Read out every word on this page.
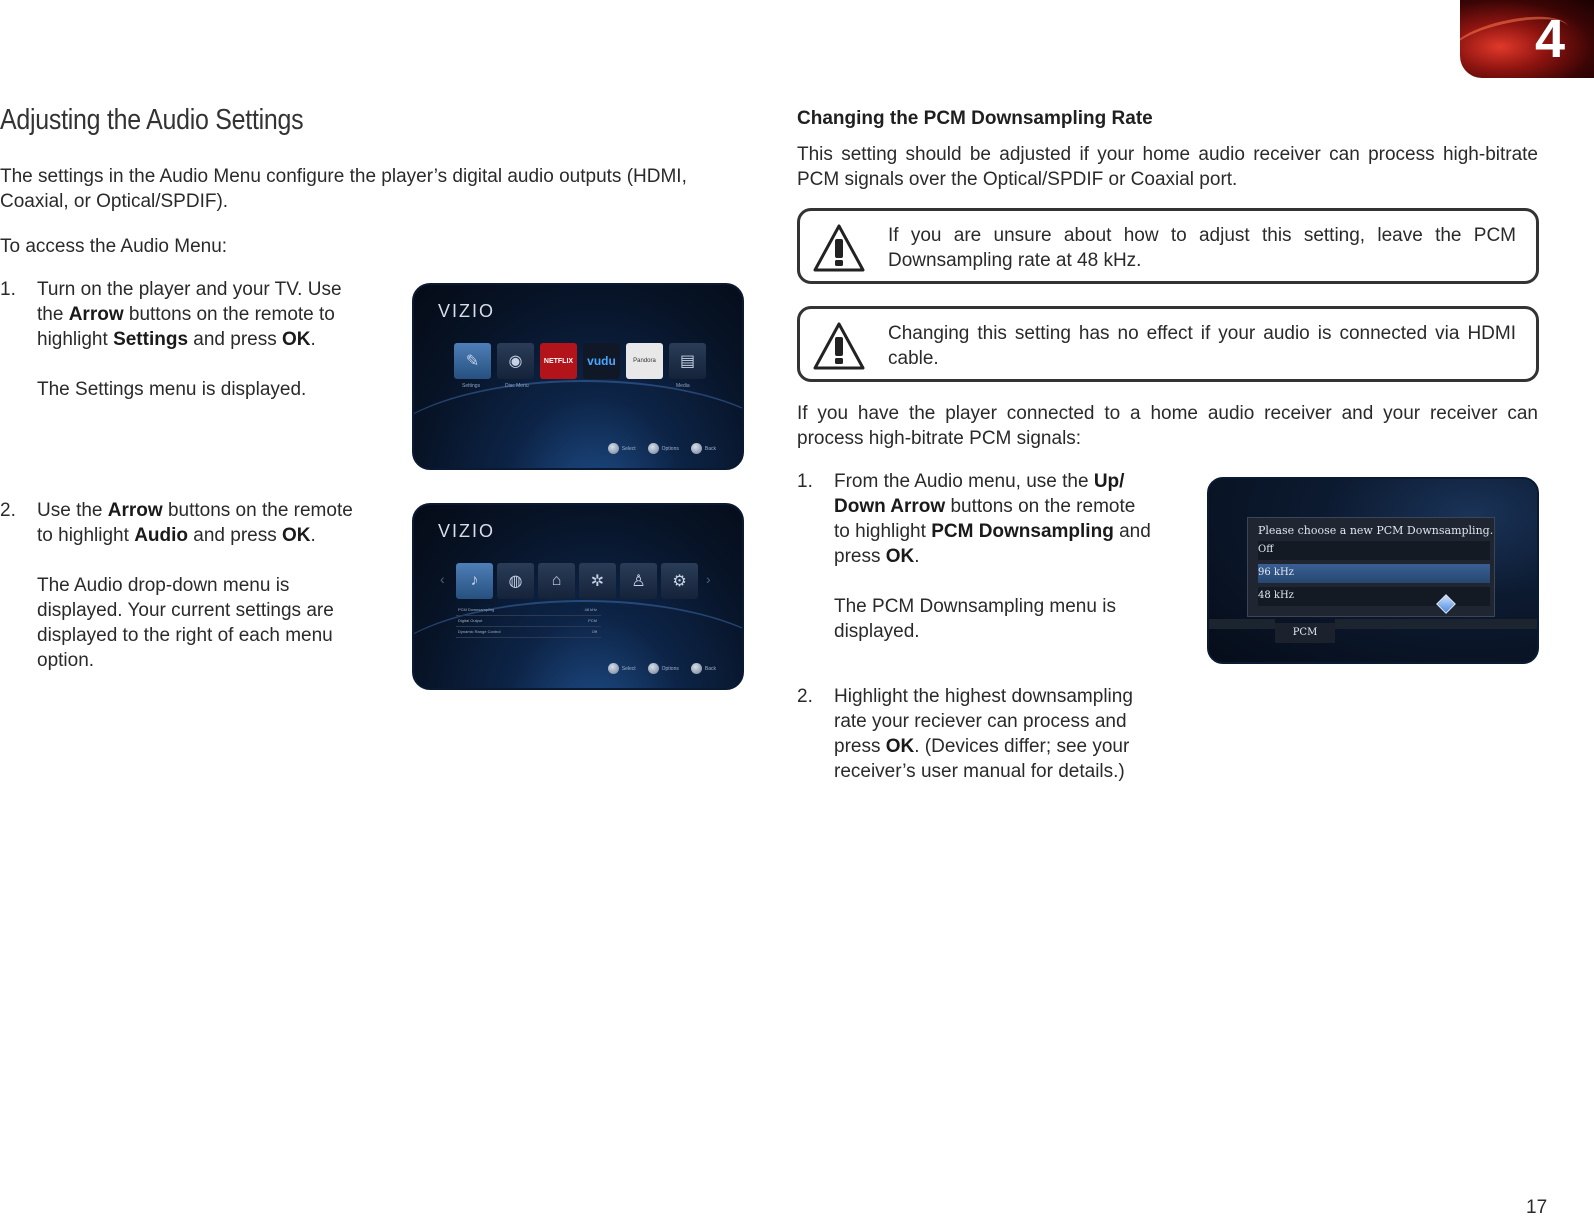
4
Adjusting the Audio Settings
The settings in the Audio Menu configure the player’s digital audio outputs (HDMI, Coaxial, or Optical/SPDIF).
To access the Audio Menu:
1. Turn on the player and your TV. Use
the Arrow buttons on the remote to
highlight Settings and press OK.
The Settings menu is displayed.
VIZIO
✎ ◉	NETFLIX	vudu	Pandora	▤
Settings	Disc Menu	Media
Select	Options	Back
2. Use the Arrow buttons on the remote
to highlight Audio and press OK.
The Audio drop-down menu is
displayed. Your current settings are
displayed to the right of each menu
option.
VIZIO
‹	›
♪ ◍ ⌂ ✲ ♙ ⚙
PCM Downsampling	48 kHz
Digital Output	PCM
Dynamic Range Control	Off
Select	Options	Back
Changing the PCM Downsampling Rate
This setting should be adjusted if your home audio receiver can process high-bitrate PCM signals over the Optical/SPDIF or Coaxial port.
If you are unsure about how to adjust this setting, leave the PCM Downsampling rate at 48 kHz.
Changing this setting has no effect if your audio is connected via HDMI cable.
If you have the player connected to a home audio receiver and your receiver can process high-bitrate PCM signals:
1. From the Audio menu, use the Up/
Down Arrow buttons on the remote
to highlight PCM Downsampling and
press OK.
The PCM Downsampling menu is
displayed.
Please choose a new PCM Downsampling.
Off
96 kHz
48 kHz
PCM
2. Highlight the highest downsampling
rate your reciever can process and
press OK. (Devices differ; see your
receiver’s user manual for details.)
17
